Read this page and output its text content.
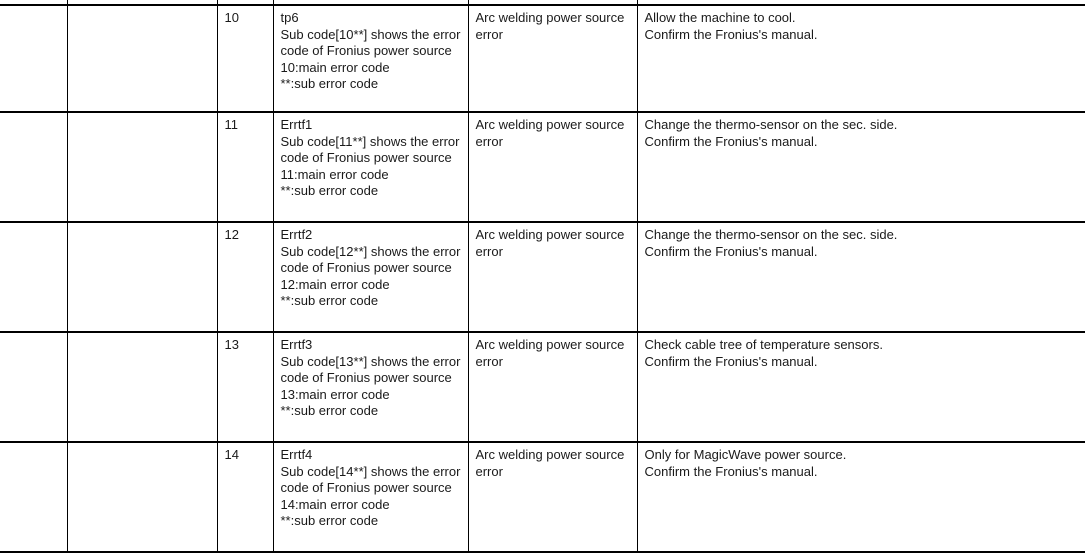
10	tp6
Sub code[10**] shows the error code of Fronius power source
10:main error code
**:sub error code

Arc welding power source error

Allow the machine to cool.
Confirm the Fronius's manual.

11	Errtf1
Sub code[11**] shows the error code of Fronius power source
11:main error code
**:sub error code

Arc welding power source error

Change the thermo-sensor on the sec. side.
Confirm the Fronius's manual.

12	Errtf2
Sub code[12**] shows the error code of Fronius power source
12:main error code
**:sub error code

Arc welding power source error

Change the thermo-sensor on the sec. side.
Confirm the Fronius's manual.

13	Errtf3
Sub code[13**] shows the error code of Fronius power source
13:main error code
**:sub error code

Arc welding power source error

Check cable tree of temperature sensors.
Confirm the Fronius's manual.

14	Errtf4
Sub code[14**] shows the error code of Fronius power source
14:main error code
**:sub error code

Arc welding power source error

Only for MagicWave power source.
Confirm the Fronius's manual.
